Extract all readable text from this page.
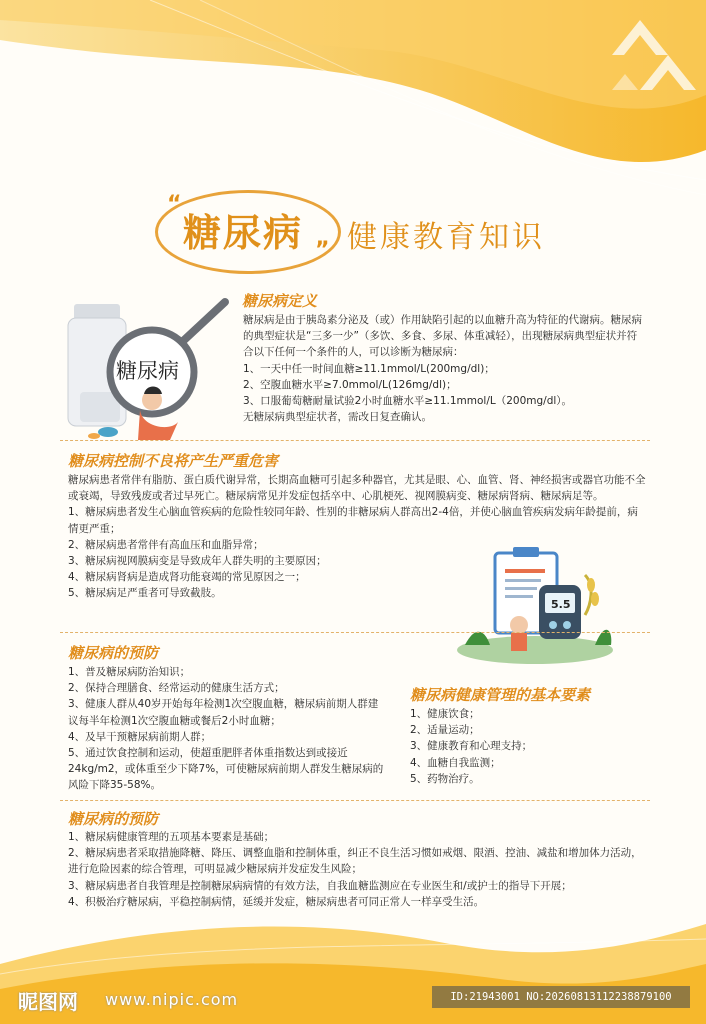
“
糖尿病 ” 健康教育知识
糖尿病
糖尿病定义
糖尿病是由于胰岛素分泌及（或）作用缺陷引起的以血糖升高为特征的代谢病。糖尿病的典型症状是“三多一少”（多饮、多食、多尿、体重减轻），出现糖尿病典型症状并符合以下任何一个条件的人，可以诊断为糖尿病：
1、一天中任一时间血糖≥11.1mmol/L(200mg/dl)；
2、空腹血糖水平≥7.0mmol/L(126mg/dl)；
3、口服葡萄糖耐量试验2小时血糖水平≥11.1mmol/L（200mg/dl）。
无糖尿病典型症状者，需改日复查确认。
糖尿病控制不良将产生严重危害
糖尿病患者常伴有脂肪、蛋白质代谢异常，长期高血糖可引起多种器官，尤其是眼、心、血管、肾、神经损害或器官功能不全或衰竭，导致残废或者过早死亡。糖尿病常见并发症包括卒中、心肌梗死、视网膜病变、糖尿病肾病、糖尿病足等。
1、糖尿病患者发生心脑血管疾病的危险性较同年龄、性别的非糖尿病人群高出2-4倍，并使心脑血管疾病发病年龄提前，病情更严重；
2、糖尿病患者常伴有高血压和血脂异常；
3、糖尿病视网膜病变是导致成年人群失明的主要原因；
4、糖尿病肾病是造成肾功能衰竭的常见原因之一；
5、糖尿病足严重者可导致截肢。
5.5
糖尿病的预防
1、普及糖尿病防治知识；
2、保持合理膳食、经常运动的健康生活方式；
3、健康人群从40岁开始每年检测1次空腹血糖，糖尿病前期人群建议每半年检测1次空腹血糖或餐后2小时血糖；
4、及早干预糖尿病前期人群；
5、通过饮食控制和运动，使超重肥胖者体重指数达到或接近24kg/m2，或体重至少下降7%，可使糖尿病前期人群发生糖尿病的风险下降35-58%。
糖尿病健康管理的基本要素
1、健康饮食；
2、适量运动；
3、健康教育和心理支持；
4、血糖自我监测；
5、药物治疗。
糖尿病的预防
1、糖尿病健康管理的五项基本要素是基础；
2、糖尿病患者采取措施降糖、降压、调整血脂和控制体重，纠正不良生活习惯如戒烟、限酒、控油、减盐和增加体力活动，进行危险因素的综合管理，可明显减少糖尿病并发症发生风险；
3、糖尿病患者自我管理是控制糖尿病病情的有效方法，自我血糖监测应在专业医生和/或护士的指导下开展；
4、积极治疗糖尿病，平稳控制病情，延缓并发症，糖尿病患者可同正常人一样享受生活。
昵图网 www.nipic.com	ID:21943001 NO:20260813112238879100
